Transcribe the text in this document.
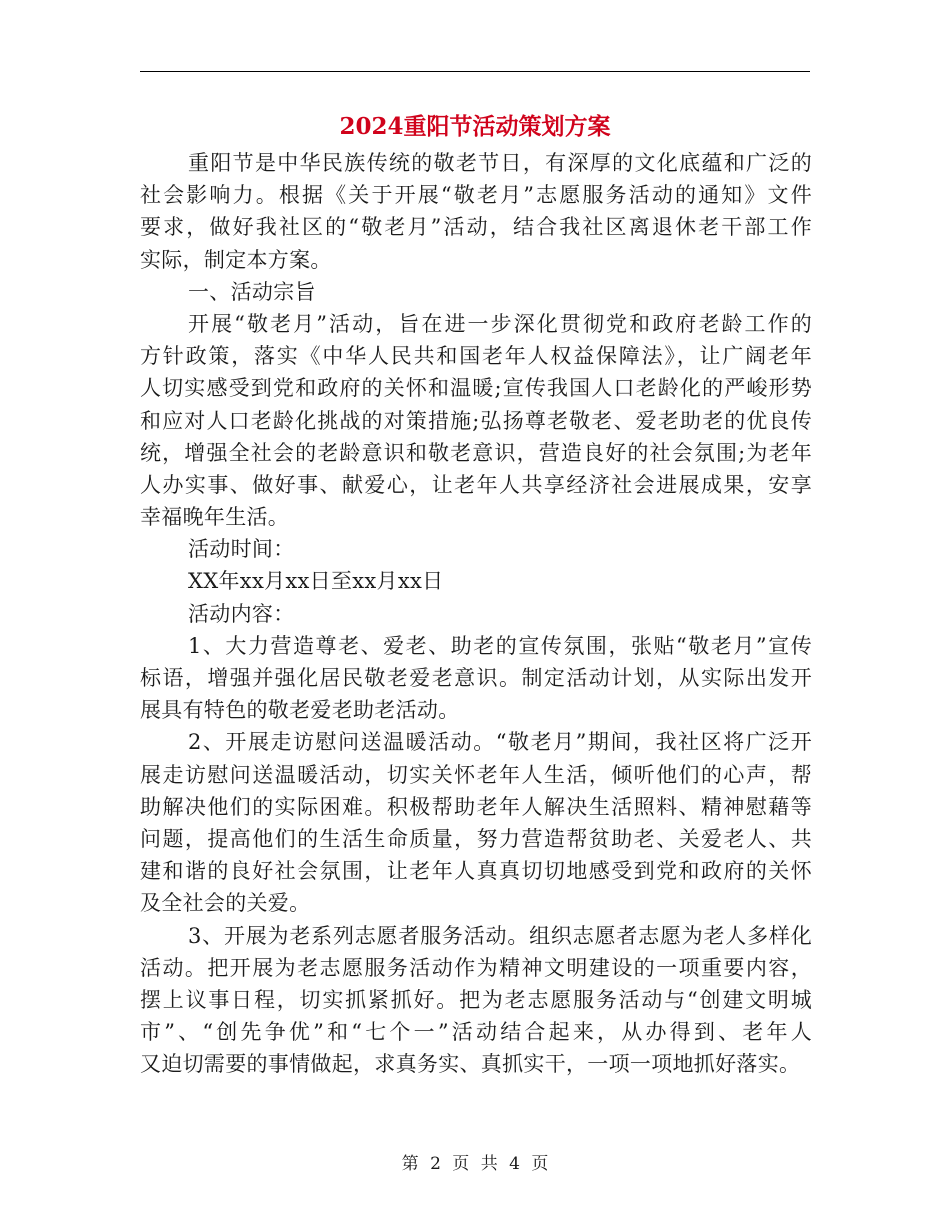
2024重阳节活动策划方案
重阳节是中华民族传统的敬老节日，有深厚的文化底蕴和广泛的
社会影响力。根据《关于开展“敬老月”志愿服务活动的通知》文件
要求，做好我社区的“敬老月”活动，结合我社区离退休老干部工作
实际，制定本方案。
一、活动宗旨
开展“敬老月”活动，旨在进一步深化贯彻党和政府老龄工作的
方针政策，落实《中华人民共和国老年人权益保障法》，让广阔老年
人切实感受到党和政府的关怀和温暖;宣传我国人口老龄化的严峻形势
和应对人口老龄化挑战的对策措施;弘扬尊老敬老、爱老助老的优良传
统，增强全社会的老龄意识和敬老意识，营造良好的社会氛围;为老年
人办实事、做好事、献爱心，让老年人共享经济社会进展成果，安享
幸福晚年生活。
活动时间：
XX年xx月xx日至xx月xx日
活动内容：
1、大力营造尊老、爱老、助老的宣传氛围，张贴“敬老月”宣传
标语，增强并强化居民敬老爱老意识。制定活动计划，从实际出发开
展具有特色的敬老爱老助老活动。
2、开展走访慰问送温暖活动。“敬老月”期间，我社区将广泛开
展走访慰问送温暖活动，切实关怀老年人生活，倾听他们的心声，帮
助解决他们的实际困难。积极帮助老年人解决生活照料、精神慰藉等
问题，提高他们的生活生命质量，努力营造帮贫助老、关爱老人、共
建和谐的良好社会氛围，让老年人真真切切地感受到党和政府的关怀
及全社会的关爱。
3、开展为老系列志愿者服务活动。组织志愿者志愿为老人多样化
活动。把开展为老志愿服务活动作为精神文明建设的一项重要内容，
摆上议事日程，切实抓紧抓好。把为老志愿服务活动与“创建文明城
市”、“创先争优”和“七个一”活动结合起来，从办得到、老年人
又迫切需要的事情做起，求真务实、真抓实干，一项一项地抓好落实。
第 2 页 共 4 页
